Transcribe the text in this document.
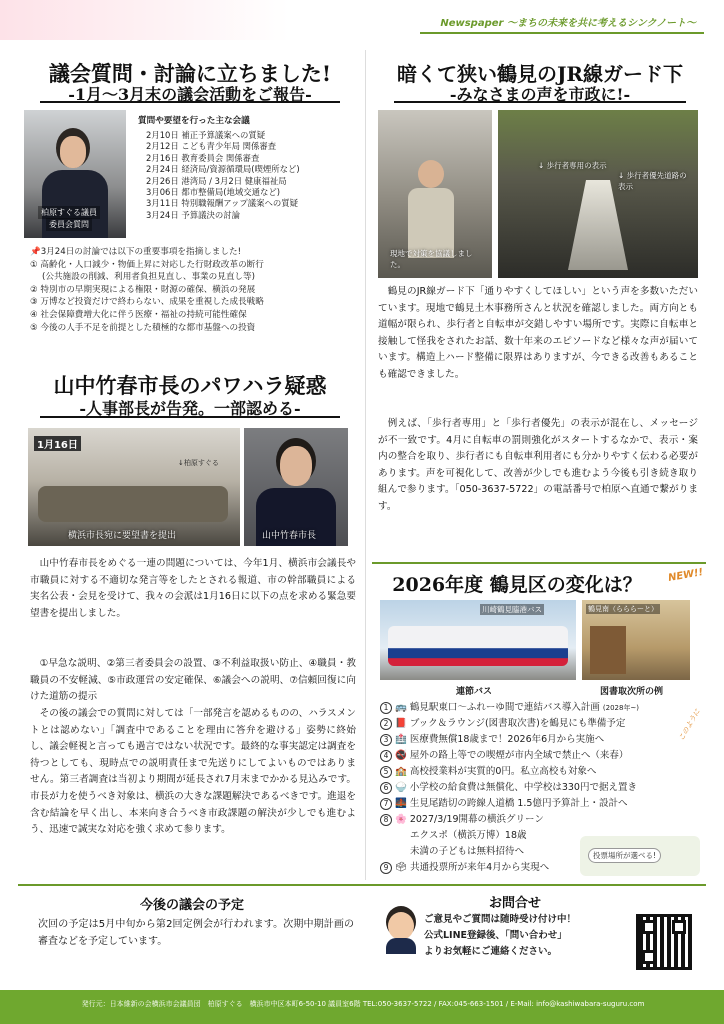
Newspaper ～まちの未来を共に考えるシンクノート～
議会質問・討論に立ちました!
-1月～3月末の議会活動をご報告-
柏原すぐる議員
委員会質問
質問や要望を行った主な会議
2月10日 補正予算議案への質疑
2月12日 こども青少年局 関係審査
2月16日 教育委員会 関係審査
2月24日 経済局/資源循環局(喫煙所など)
2月26日 港湾局 / 3月2日 健康福祉局
3月06日 都市整備局(地域交通など)
3月11日 特別職報酬アップ議案への質疑
3月24日 予算議決の討論
📌3月24日の討論では以下の重要事項を指摘しました!
① 高齢化・人口減少・物価上昇に対応した行財政改革の断行
(公共施設の削減、利用者負担見直し、事業の見直し等)
② 特別市の早期実現による権限・財源の確保、横浜の発展
③ 万博など投資だけで終わらない、成果を重視した成長戦略
④ 社会保障費増大化に伴う医療・福祉の持続可能性確保
⑤ 今後の人手不足を前提とした積極的な都市基盤への投資
山中竹春市長のパワハラ疑惑
-人事部長が告発。一部認める-
1月16日
↓柏原すぐる
横浜市長宛に要望書を提出	山中竹春市長
山中竹春市長をめぐる一連の問題については、今年1月、横浜市会議長や市職員に対する不適切な発言等をしたとされる報道、市の幹部職員による実名公表・会見を受けて、我々の会派は1月16日に以下の点を求める緊急要望書を提出しました。
①早急な説明、②第三者委員会の設置、③不利益取扱い防止、④職員・教職員の不安軽減、⑤市政運営の安定確保、⑥議会への説明、⑦信頼回復に向けた道筋の提示
その後の議会での質問に対しては「一部発言を認めるものの、ハラスメントとは認めない」「調査中であることを理由に答弁を避ける」姿勢に終始し、議会軽視と言っても過言ではない状況です。最終的な事実認定は調査を待つとしても、現時点での説明責任まで先送りにしてよいものではありません。第三者調査は当初より期間が延長され7月末までかかる見込みです。市長が力を使うべき対象は、横浜の大きな課題解決であるべきです。進退を含む結論を早く出し、本来向き合うべき市政課題の解決が少しでも進むよう、迅速で誠実な対応を強く求めて参ります。
暗くて狭い鶴見のJR線ガード下
-みなさまの声を市政に!-
現地で対策を協議しました。
↓ 歩行者専用の表示
↓ 歩行者優先道路の表示
鶴見のJR線ガード下「通りやすくしてほしい」という声を多数いただいています。現地で鶴見土木事務所さんと状況を確認しました。両方向とも道幅が限られ、歩行者と自転車が交錯しやすい場所です。実際に自転車と接触して怪我をされたお話、数十年来のエピソードなど様々な声が届いています。構造上ハード整備に限界はありますが、今できる改善もあることも確認できました。
例えば、「歩行者専用」と「歩行者優先」の表示が混在し、メッセージが不一致です。4月に自転車の罰則強化がスタートするなかで、表示・案内の整合を取り、歩行者にも自転車利用者にも分かりやすく伝わる必要があります。声を可視化して、改善が少しでも進むよう今後も引き続き取り組んで参ります。「050-3637-5722」の電話番号で柏原へ直通で繋がります。
2026年度 鶴見区の変化は？	NEW!!
川崎鶴見臨港バス	鶴見南（らららーと）
連節バス	図書取次所の例
このように
1 🚌 鶴見駅東口〜ふれーゆ間で連結バス導入計画 (2028年~)
2 📕 ブック＆ラウンジ(図書取次書)を鶴見にも準備予定
3 🏥 医療費無償18歳まで！2026年6月から実施へ
4 🚭 屋外の路上等での喫煙が市内全域で禁止へ（来春）
5 🏫 高校授業料が実質的0円。私立高校も対象へ
6 🍚 小学校の給食費は無償化、中学校は330円で据え置き
7 🌉 生見尾踏切の跨線人道橋 1.5億円予算計上・設計へ
8 🌸 2027/3/19開幕の横浜グリーン
エクスポ（横浜万博）18歳
未満の子どもは無料招待へ
9 🗳 共通投票所が来年4月から実現へ
投票場所が選べる!
今後の議会の予定
次回の予定は5月中旬から第2回定例会が行われます。次期中期計画の審査などを予定しています。
お問合せ
ご意見やご質問は随時受け付け中！
公式LINE登録後、「問い合わせ」
よりお気軽にご連絡ください。
発行元：日本維新の会横浜市会議員団　柏原すぐる　横浜市中区本町6-50-10 議員室6階 TEL:050-3637-5722 / FAX:045-663-1501 / E-Mail: info@kashiwabara-suguru.com
